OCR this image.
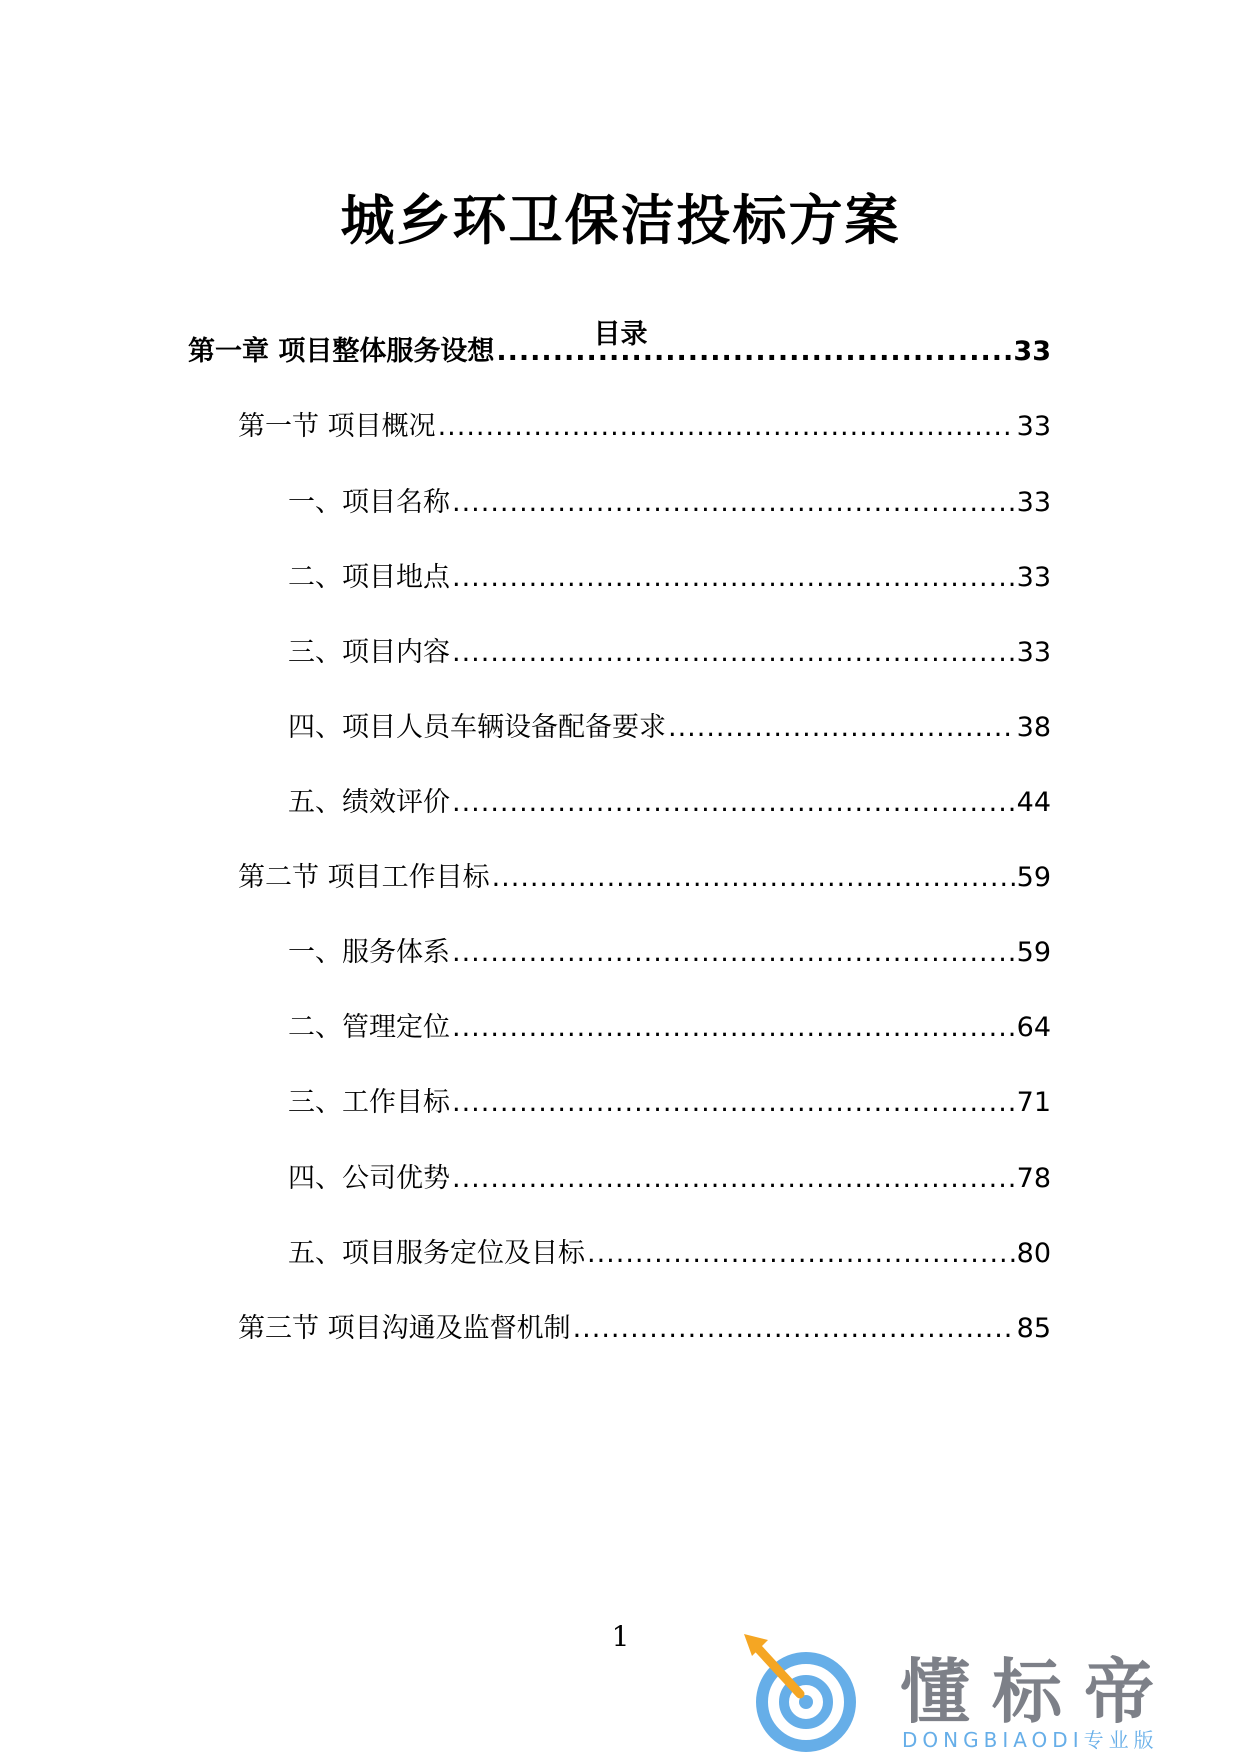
城乡环卫保洁投标方案
目录
第一章 项目整体服务设想 .....	33
第一节 项目概况 .....	33
一、项目名称 .....	33
二、项目地点 .....	33
三、项目内容 .....	33
四、项目人员车辆设备配备要求 .....	38
五、绩效评价 .....	44
第二节 项目工作目标 .....	59
一、服务体系 .....	59
二、管理定位 .....	64
三、工作目标 .....	71
四、公司优势 .....	78
五、项目服务定位及目标 .....	80
第三节 项目沟通及监督机制 .....	85
1
懂标帝
DONGBIAODI专业版
